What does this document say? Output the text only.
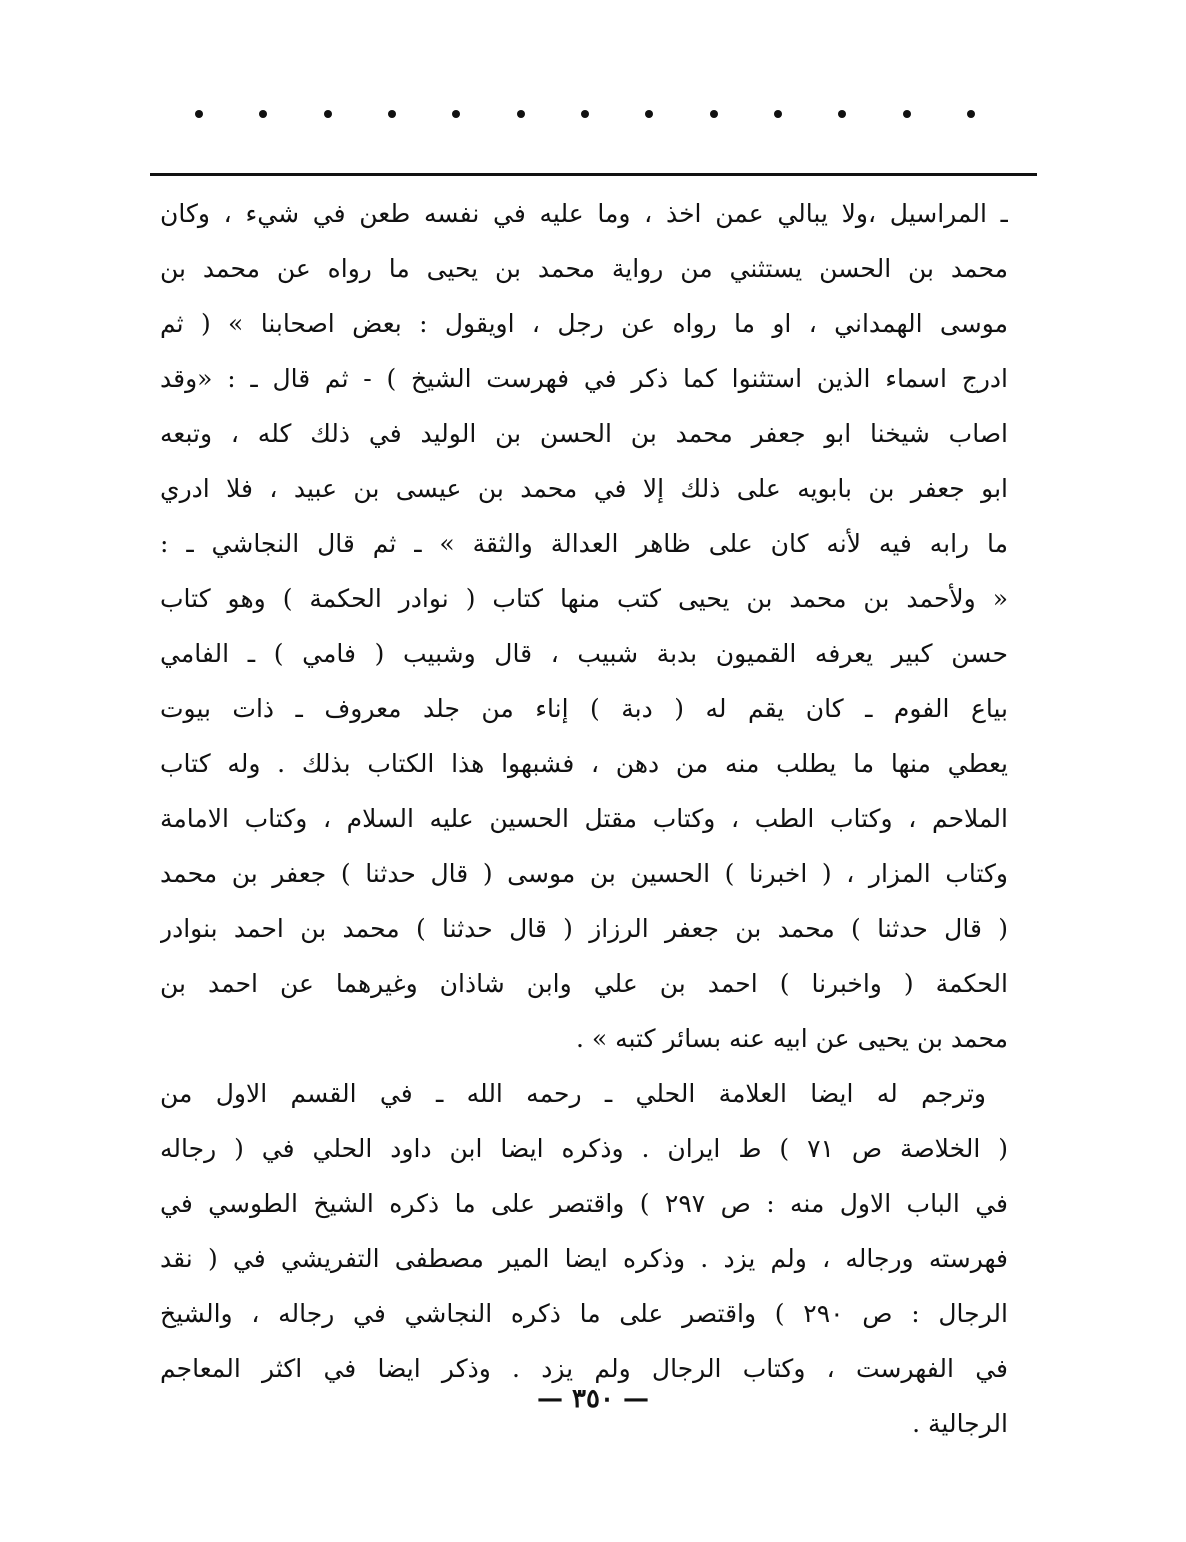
ـ المراسيل ،ولا يبالي عمن اخذ ، وما عليه في نفسه طعن في شيء ، وكان
محمد بن الحسن يستثني من رواية محمد بن يحيى ما رواه عن محمد بن
موسى الهمداني ، او ما رواه عن رجل ، اويقول : بعض اصحابنا » ( ثم
ادرج اسماء الذين استثنوا كما ذكر في فهرست الشيخ ) - ثم قال ـ : «وقد
اصاب شيخنا ابو جعفر محمد بن الحسن بن الوليد في ذلك كله ، وتبعه
ابو جعفر بن بابويه على ذلك إلا في محمد بن عيسى بن عبيد ، فلا ادري
ما رابه فيه لأنه كان على ظاهر العدالة والثقة » ـ ثم قال النجاشي ـ :
« ولأحمد بن محمد بن يحيى كتب منها كتاب ( نوادر الحكمة ) وهو كتاب
حسن كبير يعرفه القميون بدبة شبيب ، قال وشبيب ( فامي ) ـ الفامي
بياع الفوم ـ كان يقم له ( دبة ) إناء من جلد معروف ـ ذات بيوت
يعطي منها ما يطلب منه من دهن ، فشبهوا هذا الكتاب بذلك . وله كتاب
الملاحم ، وكتاب الطب ، وكتاب مقتل الحسين عليه السلام ، وكتاب الامامة
وكتاب المزار ، ( اخبرنا ) الحسين بن موسى ( قال حدثنا ) جعفر بن محمد
( قال حدثنا ) محمد بن جعفر الرزاز ( قال حدثنا ) محمد بن احمد بنوادر
الحكمة ( واخبرنا ) احمد بن علي وابن شاذان وغيرهما عن احمد بن
محمد بن يحيى عن ابيه عنه بسائر كتبه » .
وترجم له ايضا العلامة الحلي ـ رحمه الله ـ في القسم الاول من
( الخلاصة ص ٧١ ) ط ايران . وذكره ايضا ابن داود الحلي في ( رجاله
في الباب الاول منه : ص ٢٩٧ ) واقتصر على ما ذكره الشيخ الطوسي في
فهرسته ورجاله ، ولم يزد . وذكره ايضا المير مصطفى التفريشي في ( نقد
الرجال : ص ٢٩٠ ) واقتصر على ما ذكره النجاشي في رجاله ، والشيخ
في الفهرست ، وكتاب الرجال ولم يزد . وذكر ايضا في اكثر المعاجم
الرجالية .
— ٣٥٠ —
